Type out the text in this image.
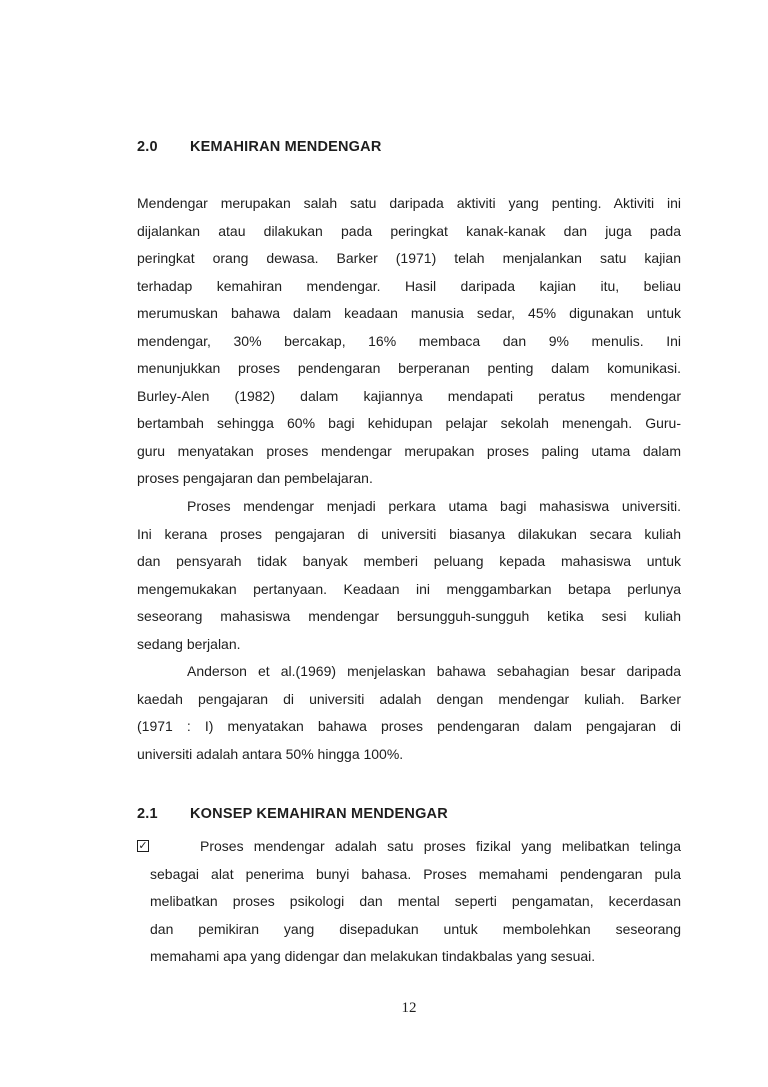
2.0	KEMAHIRAN MENDENGAR
Mendengar merupakan salah satu daripada aktiviti yang penting. Aktiviti ini
dijalankan atau dilakukan pada peringkat kanak-kanak dan juga pada
peringkat orang dewasa. Barker (1971) telah menjalankan satu kajian
terhadap kemahiran mendengar. Hasil daripada kajian itu, beliau
merumuskan bahawa dalam keadaan manusia sedar, 45% digunakan untuk
mendengar, 30% bercakap, 16% membaca dan 9% menulis. Ini
menunjukkan proses pendengaran berperanan penting dalam komunikasi.
Burley-Alen (1982) dalam kajiannya mendapati peratus mendengar
bertambah sehingga 60% bagi kehidupan pelajar sekolah menengah. Guru-
guru menyatakan proses mendengar merupakan proses paling utama dalam
proses pengajaran dan pembelajaran.
Proses mendengar menjadi perkara utama bagi mahasiswa universiti.
Ini kerana proses pengajaran di universiti biasanya dilakukan secara kuliah
dan pensyarah tidak banyak memberi peluang kepada mahasiswa untuk
mengemukakan pertanyaan. Keadaan ini menggambarkan betapa perlunya
seseorang mahasiswa mendengar bersungguh-sungguh ketika sesi kuliah
sedang berjalan.
Anderson et al.(1969) menjelaskan bahawa sebahagian besar daripada
kaedah pengajaran di universiti adalah dengan mendengar kuliah. Barker
(1971 : I) menyatakan bahawa proses pendengaran dalam pengajaran di
universiti adalah antara 50% hingga 100%.
2.1	KONSEP KEMAHIRAN MENDENGAR
✓	Proses mendengar adalah satu proses fizikal yang melibatkan telinga
sebagai alat penerima bunyi bahasa. Proses memahami pendengaran pula
melibatkan proses psikologi dan mental seperti pengamatan, kecerdasan
dan pemikiran yang disepadukan untuk membolehkan seseorang
memahami apa yang didengar dan melakukan tindakbalas yang sesuai.
12
